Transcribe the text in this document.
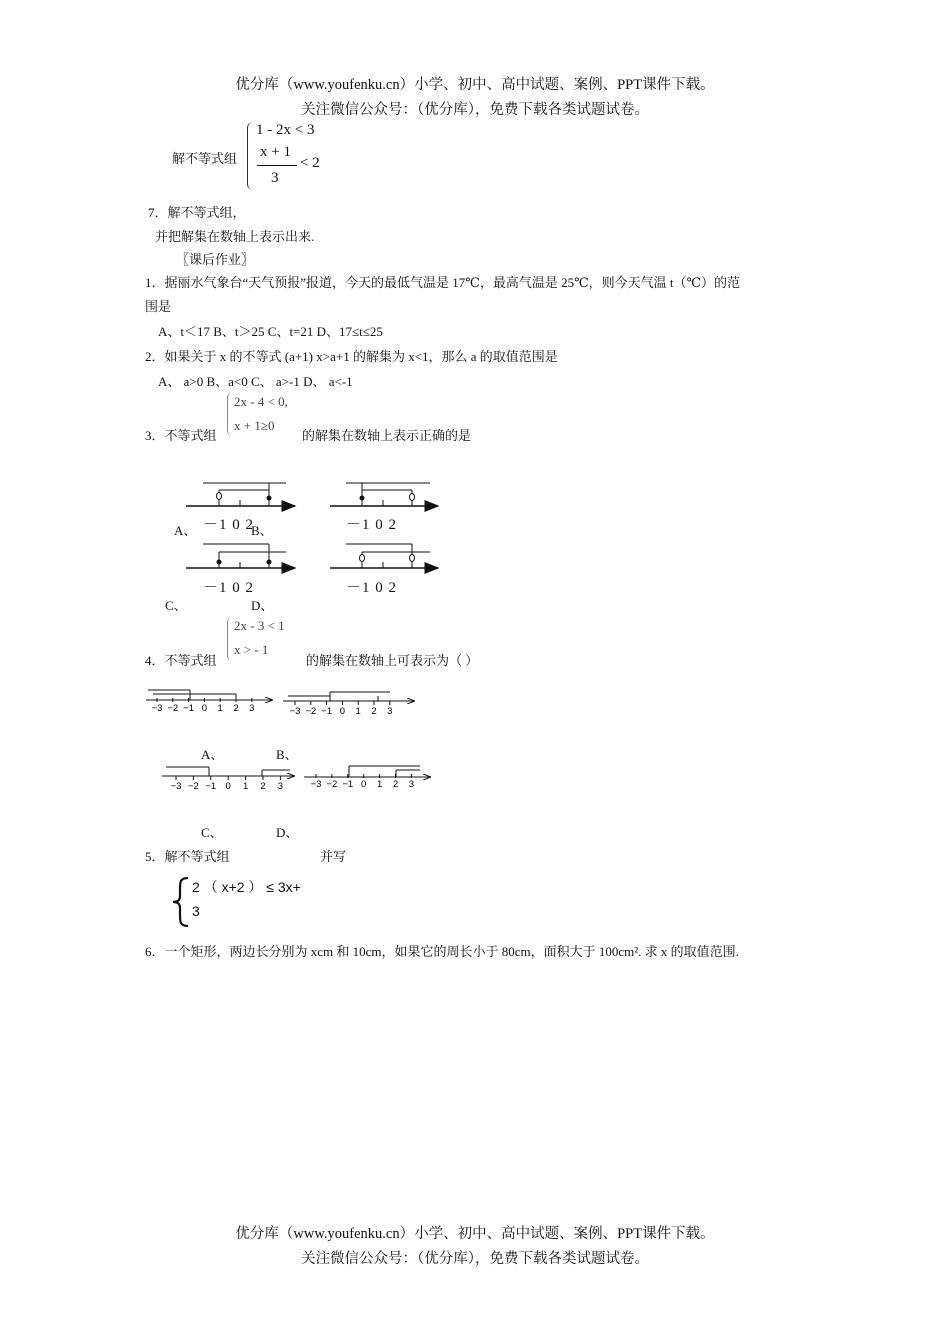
优分库（www.youfenku.cn）小学、初中、高中试题、案例、PPT课件下载。
关注微信公众号：（优分库），免费下载各类试题试卷。
解不等式组
1 - 2x < 3
x + 1
3
< 2
7．解不等式组，
并把解集在数轴上表示出来.
〖课后作业〗
1．据丽水气象台“天气预报”报道，今天的最低气温是 17℃，最高气温是 25℃，则今天气温 t（℃）的范
围是
A、t＜17 B、t＞25 C、t=21 D、17≤t≤25
2．如果关于 x 的不等式 (a+1) x>a+1 的解集为 x<1，那么 a 的取值范围是
A、 a>0 B、a<0 C、 a>-1 D、 a<-1
2x - 4 < 0,
x + 1≥0
3．不等式组	的解集在数轴上表示正确的是
－1 0 2	－1 0 2
－1 0 2	－1 0 2
A、	B、
C、	D、
2x - 3 < 1
x > - 1
4．不等式组	的解集在数轴上可表示为（ ）
−3 −2 −1 0 1 2 3	−3 −2 −1 0 1 2 3
−3 −2 −1 0 1 2 3	−3 −2 −1 0 1 2 3
A、	B、
C、	D、
5．解不等式组	并写
2 （ x+2 ） ≤ 3x+
3
6．一个矩形，两边长分别为 xcm 和 10cm，如果它的周长小于 80cm，面积大于 100cm². 求 x 的取值范围.
优分库（www.youfenku.cn）小学、初中、高中试题、案例、PPT课件下载。
关注微信公众号：（优分库），免费下载各类试题试卷。
